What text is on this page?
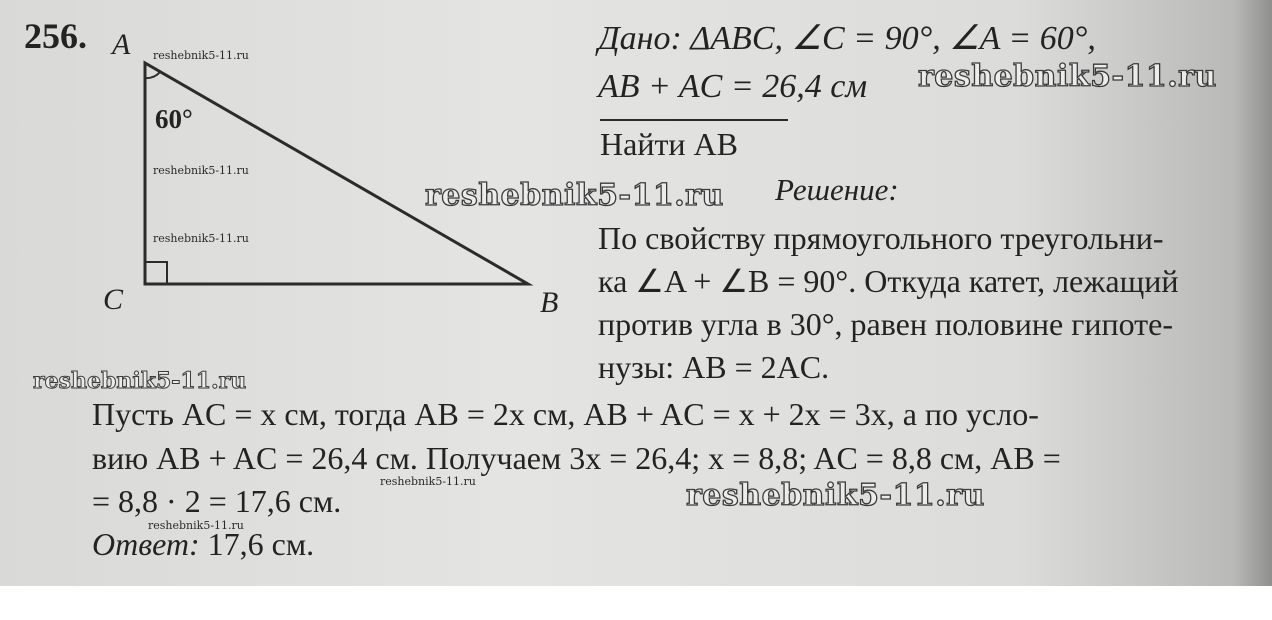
256. A
C	B
60°
reshebnik5-11.ru
reshebnik5-11.ru
reshebnik5-11.ru
Дано: ΔABC, ∠C = 90°, ∠A = 60°,
AB + AC = 26,4 см reshebnik5-11.ru
Найти AB
reshebnik5-11.ru Решение:
По свойству прямоугольного треугольни-
ка ∠A + ∠B = 90°. Откуда катет, лежащий
против угла в 30°, равен половине гипоте-
нузы: AB = 2AC.
reshebnik5-11.ru
Пусть AC = x см, тогда AB = 2x см, AB + AC = x + 2x = 3x, а по усло-
вию AB + AC = 26,4 см. Получаем 3x = 26,4; x = 8,8; AC = 8,8 см, AB =
= 8,8 · 2 = 17,6 см.
reshebnik5-11.ru	reshebnik5-11.ru
reshebnik5-11.ru
Ответ: 17,6 см.
